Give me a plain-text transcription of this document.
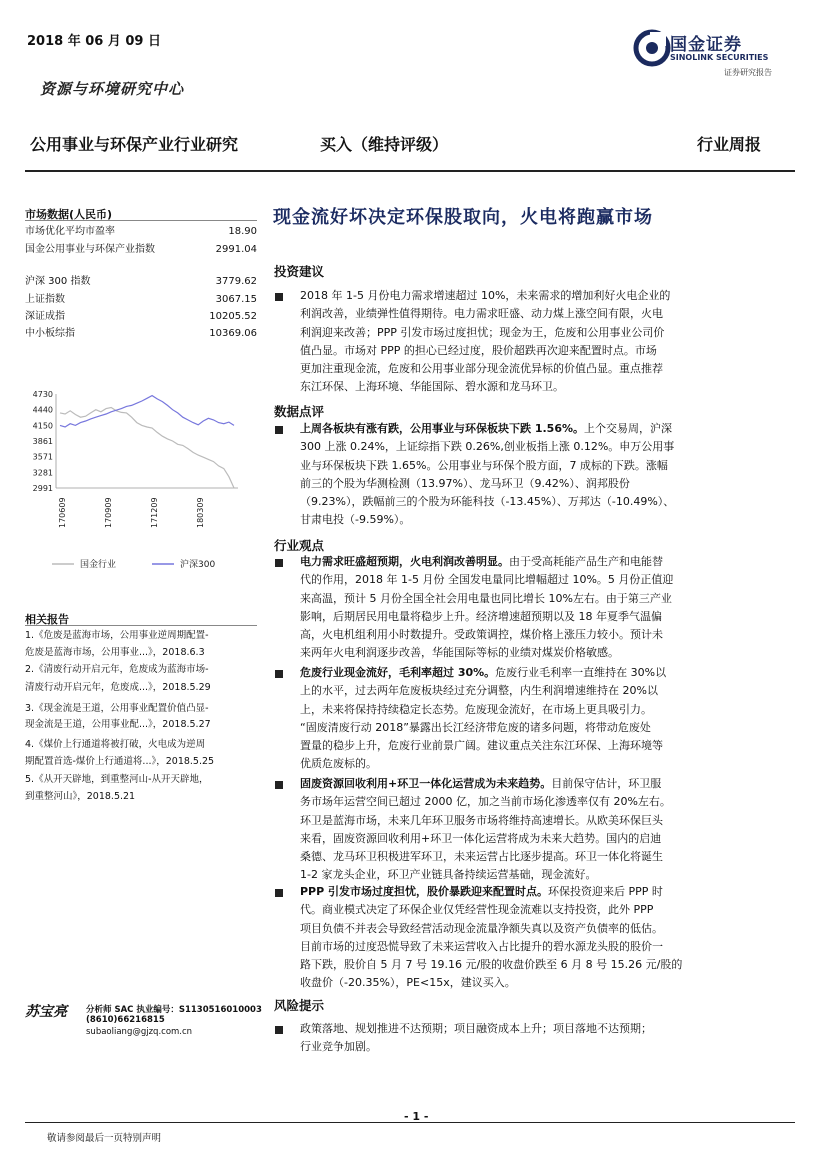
2018 年 06 月 09 日	国金证券
SINOLINK SECURITIES
证券研究报告
资源与环境研究中心
公用事业与环保产业行业研究	买入（维持评级）	行业周报
市场数据(人民币)
市场优化平均市盈率	18.90
国金公用事业与环保产业指数	2991.04
沪深 300 指数	3779.62
上证指数	3067.15
深证成指	10205.52
中小板综指	10369.06
4730
4440
4150
3861
3571
3281
2991
170609	170909	171209	180309
国金行业	沪深300
相关报告
1.《危废是蓝海市场，公用事业逆周期配置-
危废是蓝海市场，公用事业...》，2018.6.3
2.《清废行动开启元年，危废成为蓝海市场-
清废行动开启元年，危废成...》，2018.5.29
3.《现金流是王道，公用事业配置价值凸显-
现金流是王道，公用事业配...》，2018.5.27
4.《煤价上行通道将被打破，火电成为逆周
期配置首选-煤价上行通道将...》，2018.5.25
5.《从开天辟地，到重整河山-从开天辟地，
到重整河山》，2018.5.21
苏宝亮 分析师 SAC 执业编号：S1130516010003
(8610)66216815
subaoliang@gjzq.com.cn
现金流好坏决定环保股取向，火电将跑赢市场
投资建议
2018 年 1-5 月份电力需求增速超过 10%，未来需求的增加利好火电企业的
利润改善，业绩弹性值得期待。电力需求旺盛、动力煤上涨空间有限，火电
利润迎来改善；PPP 引发市场过度担忧；现金为王，危废和公用事业公司价
值凸显。市场对 PPP 的担心已经过度，股价超跌再次迎来配置时点。市场
更加注重现金流，危废和公用事业部分现金流优异标的价值凸显。重点推荐
东江环保、上海环境、华能国际、碧水源和龙马环卫。
数据点评
上周各板块有涨有跌，公用事业与环保板块下跌 1.56%。上个交易周，沪深
300 上涨 0.24%，上证综指下跌 0.26%,创业板指上涨 0.12%。申万公用事
业与环保板块下跌 1.65%。公用事业与环保个股方面，7 成标的下跌。涨幅
前三的个股为华测检测（13.97%）、龙马环卫（9.42%）、润邦股份
（9.23%），跌幅前三的个股为环能科技（-13.45%）、万邦达（-10.49%）、
甘肃电投（-9.59%）。
行业观点
电力需求旺盛超预期，火电利润改善明显。由于受高耗能产品生产和电能替
代的作用，2018 年 1-5 月份 全国发电量同比增幅超过 10%。5 月份正值迎
来高温，预计 5 月份全国全社会用电量也同比增长 10%左右。由于第三产业
影响，后期居民用电量将稳步上升。经济增速超预期以及 18 年夏季气温偏
高，火电机组利用小时数提升。受政策调控，煤价格上涨压力较小。预计未
来两年火电利润逐步改善，华能国际等标的业绩对煤炭价格敏感。
危废行业现金流好，毛利率超过 30%。危废行业毛利率一直维持在 30%以
上的水平，过去两年危废板块经过充分调整，内生利润增速维持在 20%以
上，未来将保持持续稳定长态势。危废现金流好，在市场上更具吸引力。
“固废清废行动 2018”暴露出长江经济带危废的诸多问题，将带动危废处
置量的稳步上升，危废行业前景广阔。建议重点关注东江环保、上海环境等
优质危废标的。
固废资源回收利用+环卫一体化运营成为未来趋势。目前保守估计，环卫服
务市场年运营空间已超过 2000 亿，加之当前市场化渗透率仅有 20%左右。
环卫是蓝海市场，未来几年环卫服务市场将维持高速增长。从欧美环保巨头
来看，固废资源回收利用+环卫一体化运营将成为未来大趋势。国内的启迪
桑德、龙马环卫积极进军环卫，未来运营占比逐步提高。环卫一体化将诞生
1-2 家龙头企业，环卫产业链具备持续运营基础，现金流好。
PPP 引发市场过度担忧，股价暴跌迎来配置时点。环保投资迎来后 PPP 时
代。商业模式决定了环保企业仅凭经营性现金流难以支持投资，此外 PPP
项目负债不并表会导致经营活动现金流量净额失真以及资产负债率的低估。
目前市场的过度恐慌导致了未来运营收入占比提升的碧水源龙头股的股价一
路下跌，股价自 5 月 7 号 19.16 元/股的收盘价跌至 6 月 8 号 15.26 元/股的
收盘价（-20.35%），PE<15x，建议买入。
风险提示
政策落地、规划推进不达预期；项目融资成本上升；项目落地不达预期；
行业竞争加剧。
- 1 -
敬请参阅最后一页特别声明
